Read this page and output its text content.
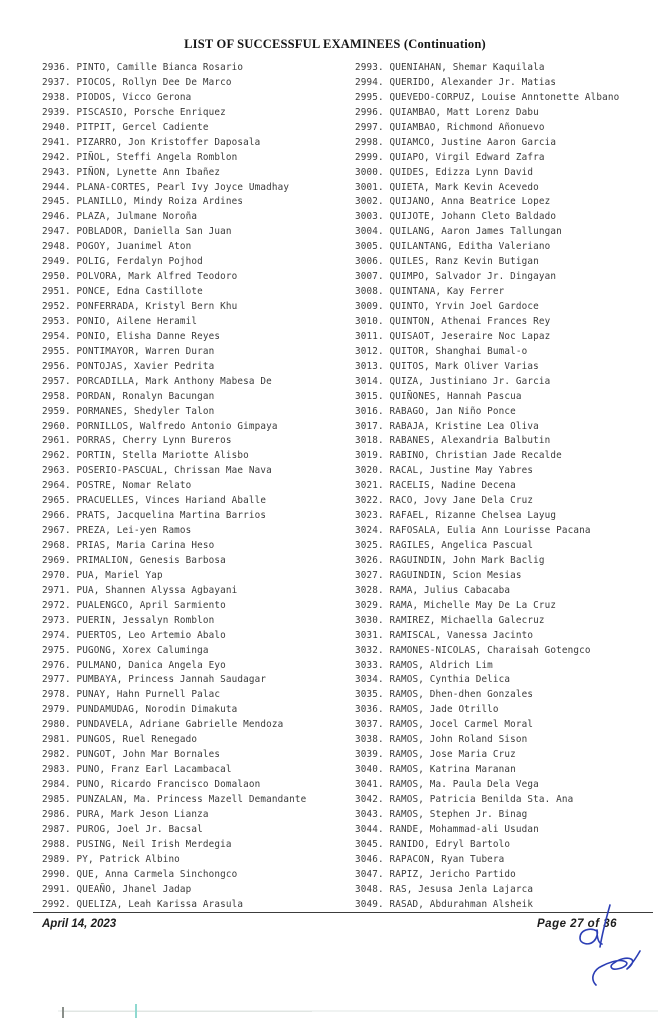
LIST OF SUCCESSFUL EXAMINEES (Continuation)
2936. PINTO, Camille Bianca Rosario
2937. PIOCOS, Rollyn Dee De Marco
2938. PIODOS, Vicco Gerona
2939. PISCASIO, Porsche Enriquez
2940. PITPIT, Gercel Cadiente
2941. PIZARRO, Jon Kristoffer Daposala
2942. PIÑOL, Steffi Angela Romblon
2943. PIÑON, Lynette Ann Ibañez
2944. PLANA-CORTES, Pearl Ivy Joyce Umadhay
2945. PLANILLO, Mindy Roiza Ardines
2946. PLAZA, Julmane Noroña
2947. POBLADOR, Daniella San Juan
2948. POGOY, Juanimel Aton
2949. POLIG, Ferdalyn Pojhod
2950. POLVORA, Mark Alfred Teodoro
2951. PONCE, Edna Castillote
2952. PONFERRADA, Kristyl Bern Khu
2953. PONIO, Ailene Heramil
2954. PONIO, Elisha Danne Reyes
2955. PONTIMAYOR, Warren Duran
2956. PONTOJAS, Xavier Pedrita
2957. PORCADILLA, Mark Anthony Mabesa De
2958. PORDAN, Ronalyn Bacungan
2959. PORMANES, Shedyler Talon
2960. PORNILLOS, Walfredo Antonio Gimpaya
2961. PORRAS, Cherry Lynn Bureros
2962. PORTIN, Stella Mariotte Alisbo
2963. POSERIO-PASCUAL, Chrissan Mae Nava
2964. POSTRE, Nomar Relato
2965. PRACUELLES, Vinces Hariand Aballe
2966. PRATS, Jacquelina Martina Barrios
2967. PREZA, Lei-yen Ramos
2968. PRIAS, Maria Carina Heso
2969. PRIMALION, Genesis Barbosa
2970. PUA, Mariel Yap
2971. PUA, Shannen Alyssa Agbayani
2972. PUALENGCO, April Sarmiento
2973. PUERIN, Jessalyn Romblon
2974. PUERTOS, Leo Artemio Abalo
2975. PUGONG, Xorex Caluminga
2976. PULMANO, Danica Angela Eyo
2977. PUMBAYA, Princess Jannah Saudagar
2978. PUNAY, Hahn Purnell Palac
2979. PUNDAMUDAG, Norodin Dimakuta
2980. PUNDAVELA, Adriane Gabrielle Mendoza
2981. PUNGOS, Ruel Renegado
2982. PUNGOT, John Mar Bornales
2983. PUNO, Franz Earl Lacambacal
2984. PUNO, Ricardo Francisco Domalaon
2985. PUNZALAN, Ma. Princess Mazell Demandante
2986. PURA, Mark Jeson Lianza
2987. PUROG, Joel Jr. Bacsal
2988. PUSING, Neil Irish Merdegia
2989. PY, Patrick Albino
2990. QUE, Anna Carmela Sinchongco
2991. QUEAÑO, Jhanel Jadap
2992. QUELIZA, Leah Karissa Arasula
2993. QUENIAHAN, Shemar Kaquilala
2994. QUERIDO, Alexander Jr. Matias
2995. QUEVEDO-CORPUZ, Louise Anntonette Albano
2996. QUIAMBAO, Matt Lorenz Dabu
2997. QUIAMBAO, Richmond Añonuevo
2998. QUIAMCO, Justine Aaron Garcia
2999. QUIAPO, Virgil Edward Zafra
3000. QUIDES, Edizza Lynn David
3001. QUIETA, Mark Kevin Acevedo
3002. QUIJANO, Anna Beatrice Lopez
3003. QUIJOTE, Johann Cleto Baldado
3004. QUILANG, Aaron James Tallungan
3005. QUILANTANG, Editha Valeriano
3006. QUILES, Ranz Kevin Butigan
3007. QUIMPO, Salvador Jr. Dingayan
3008. QUINTANA, Kay Ferrer
3009. QUINTO, Yrvin Joel Gardoce
3010. QUINTON, Athenai Frances Rey
3011. QUISAOT, Jeseraire Noc Lapaz
3012. QUITOR, Shanghai Bumal-o
3013. QUITOS, Mark Oliver Varias
3014. QUIZA, Justiniano Jr. Garcia
3015. QUIÑONES, Hannah Pascua
3016. RABAGO, Jan Niño Ponce
3017. RABAJA, Kristine Lea Oliva
3018. RABANES, Alexandria Balbutin
3019. RABINO, Christian Jade Recalde
3020. RACAL, Justine May Yabres
3021. RACELIS, Nadine Decena
3022. RACO, Jovy Jane Dela Cruz
3023. RAFAEL, Rizanne Chelsea Layug
3024. RAFOSALA, Eulia Ann Lourisse Pacana
3025. RAGILES, Angelica Pascual
3026. RAGUINDIN, John Mark Baclig
3027. RAGUINDIN, Scion Mesias
3028. RAMA, Julius Cabacaba
3029. RAMA, Michelle May De La Cruz
3030. RAMIREZ, Michaella Galecruz
3031. RAMISCAL, Vanessa Jacinto
3032. RAMONES-NICOLAS, Charaisah Gotengco
3033. RAMOS, Aldrich Lim
3034. RAMOS, Cynthia Delica
3035. RAMOS, Dhen-dhen Gonzales
3036. RAMOS, Jade Otrillo
3037. RAMOS, Jocel Carmel Moral
3038. RAMOS, John Roland Sison
3039. RAMOS, Jose Maria Cruz
3040. RAMOS, Katrina Maranan
3041. RAMOS, Ma. Paula Dela Vega
3042. RAMOS, Patricia Benilda Sta. Ana
3043. RAMOS, Stephen Jr. Binag
3044. RANDE, Mohammad-ali Usudan
3045. RANIDO, Edryl Bartolo
3046. RAPACON, Ryan Tubera
3047. RAPIZ, Jericho Partido
3048. RAS, Jesusa Jenla Lajarca
3049. RASAD, Abdurahman Alsheik
April 14, 2023	Page 27 of 36
